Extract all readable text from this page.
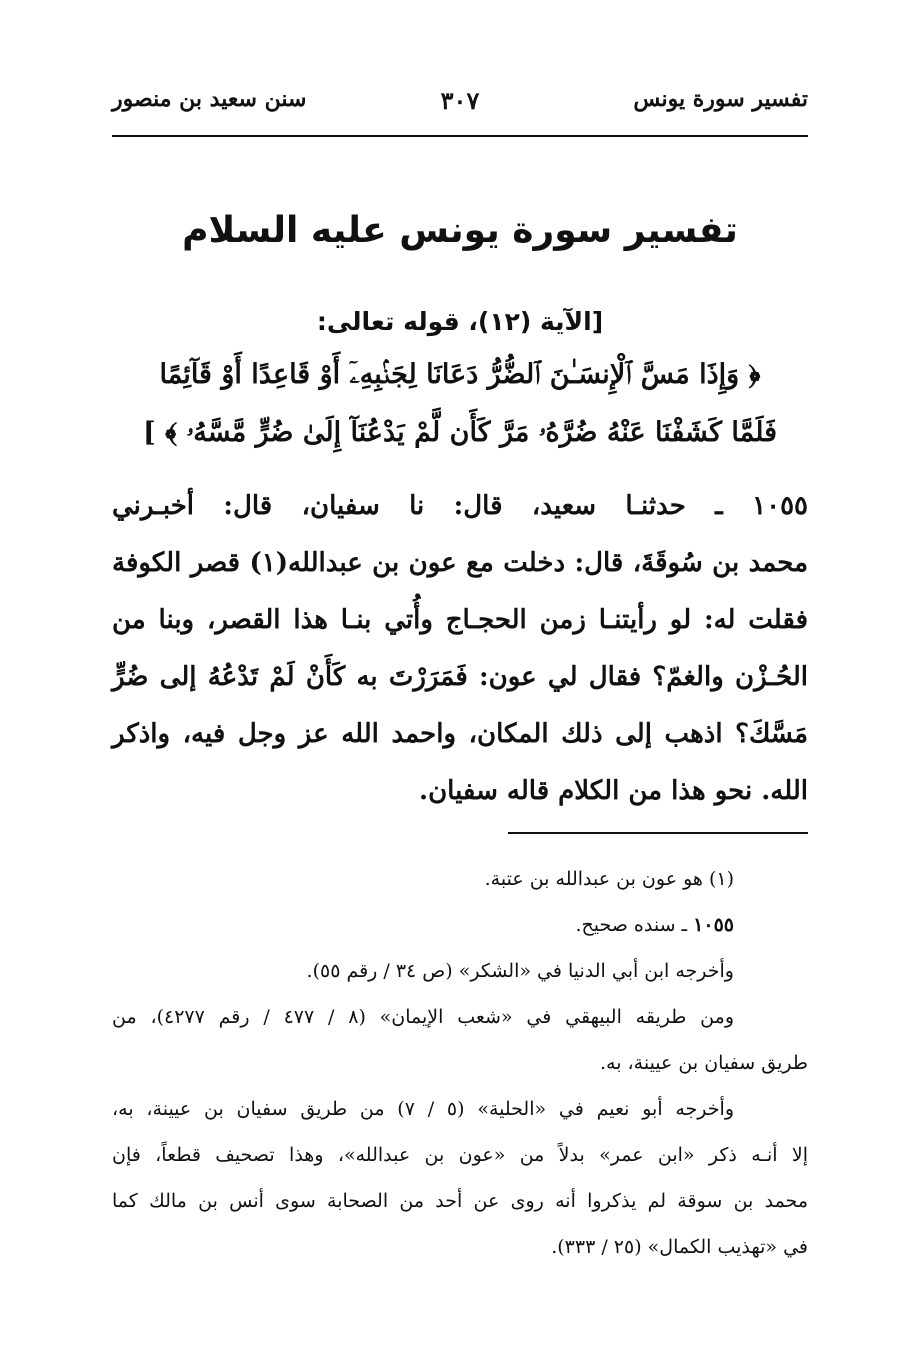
تفسير سورة يونس
٣٠٧
سنن سعيد بن منصور
تفسير سورة يونس عليه السلام
[الآية (١٢)، قوله تعالى:
﴿ وَإِذَا مَسَّ ٱلْإِنسَـٰنَ ٱلضُّرُّ دَعَانَا لِجَنۢبِهِۦٓ أَوْ قَاعِدًا أَوْ قَآئِمًا
فَلَمَّا كَشَفْنَا عَنْهُ ضُرَّهُۥ مَرَّ كَأَن لَّمْ يَدْعُنَآ إِلَىٰ ضُرٍّ مَّسَّهُۥ ﴾ ]
١٠٥٥ ـ حدثنـا سعيد، قال: نا سفيان، قال: أخبـرني
محمد بن سُوقَةَ، قال: دخلت مع عون بن عبدالله(١) قصر الكوفة
فقلت له: لو رأيتنـا زمن الحجـاج وأُتي بنـا هذا القصر، وبنا من
الحُـزْن والغمّ؟ فقال لي عون: فَمَرَرْتَ به كَأَنْ لَمْ تَدْعُهُ إلى ضُرٍّ
مَسَّكَ؟ اذهب إلى ذلك المكان، واحمد الله عز وجل فيه، واذكر
الله. نحو هذا من الكلام قاله سفيان.
(١) هو عون بن عبدالله بن عتبة.
١٠٥٥ ـ سنده صحيح.
وأخرجه ابن أبي الدنيا في «الشكر» (ص ٣٤ / رقم ٥٥).
ومن طريقه البيهقي في «شعب الإيمان» (٨ / ٤٧٧ / رقم ٤٢٧٧)، من
طريق سفيان بن عيينة، به.
وأخرجه أبو نعيم في «الحلية» (٥ / ٧) من طريق سفيان بن عيينة، به،
إلا أنـه ذكر «ابن عمر» بدلاً من «عون بن عبدالله»، وهذا تصحيف قطعاً، فإن
محمد بن سوقة لم يذكروا أنه روى عن أحد من الصحابة سوى أنس بن مالك كما
في «تهذيب الكمال» (٢٥ / ٣٣٣).
